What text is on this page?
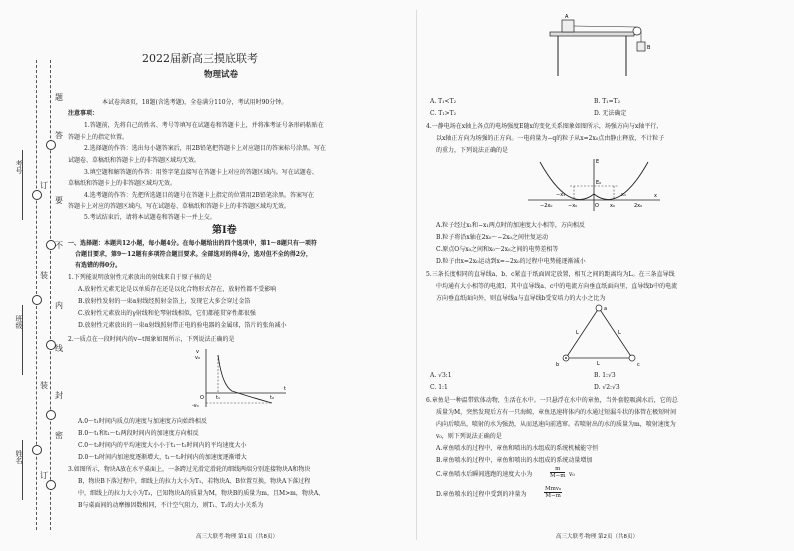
考号
班级
姓名
题
答
要
不
内
线
封
密
订
装
装
订
2022届新高三摸底联考
物理试卷
本试卷共8页，18题(含选考题)，全卷满分110分，考试用时90分钟。
注意事项：
1.答题前，先将自己的姓名、考号等填写在试题卷和答题卡上，并将准考证号条形码粘贴在
答题卡上的指定位置。
2.选择题的作答：选出每小题答案后，用2B铅笔把答题卡上对应题目的答案标号涂黑。写在
试题卷、草稿纸和答题卡上的非答题区域均无效。
3.填空题和解答题的作答：用签字笔直接写在答题卡上对应的答题区域内。写在试题卷、
草稿纸和答题卡上的非答题区域均无效。
4.选考题的作答：先把所选题目的题号在答题卡上指定的位置用2B铅笔涂黑。答案写在
答题卡上对应的答题区域内，写在试题卷、草稿纸和答题卡上的非答题区域均无效。
5.考试结束后，请将本试题卷和答题卡一并上交。
第Ⅰ卷
一、选择题：本题共12小题，每小题4分。在每小题给出的四个选项中，第1～8题只有一项符
合题目要求，第9～12题有多项符合题目要求。全部选对的得4分，选对但不全的得2分，
有选错的得0分。
1.下列能说明放射性元素放出的射线来自于原子核的是
A.放射性元素无论是以单质存在还是以化合物形式存在，放射性都不受影响
B.放射性发射的一束α射线经照射金箔上，发现它大多会穿过金箔
C.放射性元素放出的γ射线和伦琴射线相似，它们都能贯穿性都很强
D.放射性元素放出的一束α射线照射带正电的验电器的金属球，箔片的张角减小
2.一质点在一段时间内的v−t图象如图所示，下列说法正确的是
v
v₀
O t₁	t₂
t
-v₀
A.0～t₁时间内质点的速度与加速度方向始终相反
B.0～t₁和t₁～t₂两段时间内的加速度方向相反
C.0～t₂时间内的平均速度大小小于t₁～t₂时间内的平均速度大小
D.0～t₂时间内加速度逐渐增大，t₁～t₂时间内的加速度逐渐增大
3.如图所示，物块A放在水平桌面上，一条跨过光滑定滑轮的细线两端分别连接物块A和物块
B，物块B下落过程中，细线上的拉力大小为T₁，若物块A、B位置互换，物块A下落过程
中，细线上的拉力大小为T₂，已知物块A的质量为M，物块B的质量为m，且M>m，物块A、
B与桌面间的动摩擦因数相同，不计空气阻力，则T₁、T₂的大小关系为
高三大联考·物理 第1页（共8页）
A
B
A. T₁<T₂	B. T₁=T₂
C. T₁>T₂	D. 无法确定
4.一静电场在x轴上各点的电场强度E随x的变化关系图象如图所示，场强方向与x轴平行，
以x轴正方向为场强的正方向。一电荷量为−q的粒子从x=2x₀点由静止释放，不计粒子
的重力，下列说法正确的是
E
x
O
E₀
x₀	2x₀
−x₀
−2x₀
x₁
−x₁
A.粒子经过x₁和−x₁两点时的加速度大小相等，方向相反
B.粒子将沿x轴在2x₀～−2x₀之间往复运动
C.原点O与x₀之间和x₀～2x₀之间的电势差相等
D.粒子由x=2x₀运动到x=−2x₀的过程中电势能逐渐减小
5.三条长度相同的直导线a、b、c紧直于纸面固定放置，相互之间的距离均为L。在三条直导线
中均通有大小相等的电流I，其中直导线a、c中的电流方向垂直纸面向里，直导线b中的电流
方向垂直纸面向外，则直导线a与直导线b受安培力的大小之比为
a
b	c
L	L
L
A. √3:1	B. 1:√3
C. 1:1	D. √2:√3
6.章鱼是一种温带软体动物，生活在水中。一只悬浮在水中的章鱼，当外套腔吸满水后，它的总
质量为M，突然发现后方有一只海鲸，章鱼迅速将体内的水通过短漏斗状的体管在极短时间
内向后喷出，喷射的水为强劲，从而迅速向前逃窜。若喷射出的水的质量为m，喷射速度为
v₀，则下列说法正确的是
A.章鱼喷水的过程中，章鱼和喷出的水组成的系统机械能守恒
B.章鱼喷水的过程中，章鱼和喷出的水组成的系统动量增加
C.章鱼喷水后瞬间逃跑的速度大小为	$\frac{m}{M-m} v_0$
D.章鱼喷水的过程中受到的冲量为
Mmv₀
M−m
高三大联考·物理 第2页（共8页）
